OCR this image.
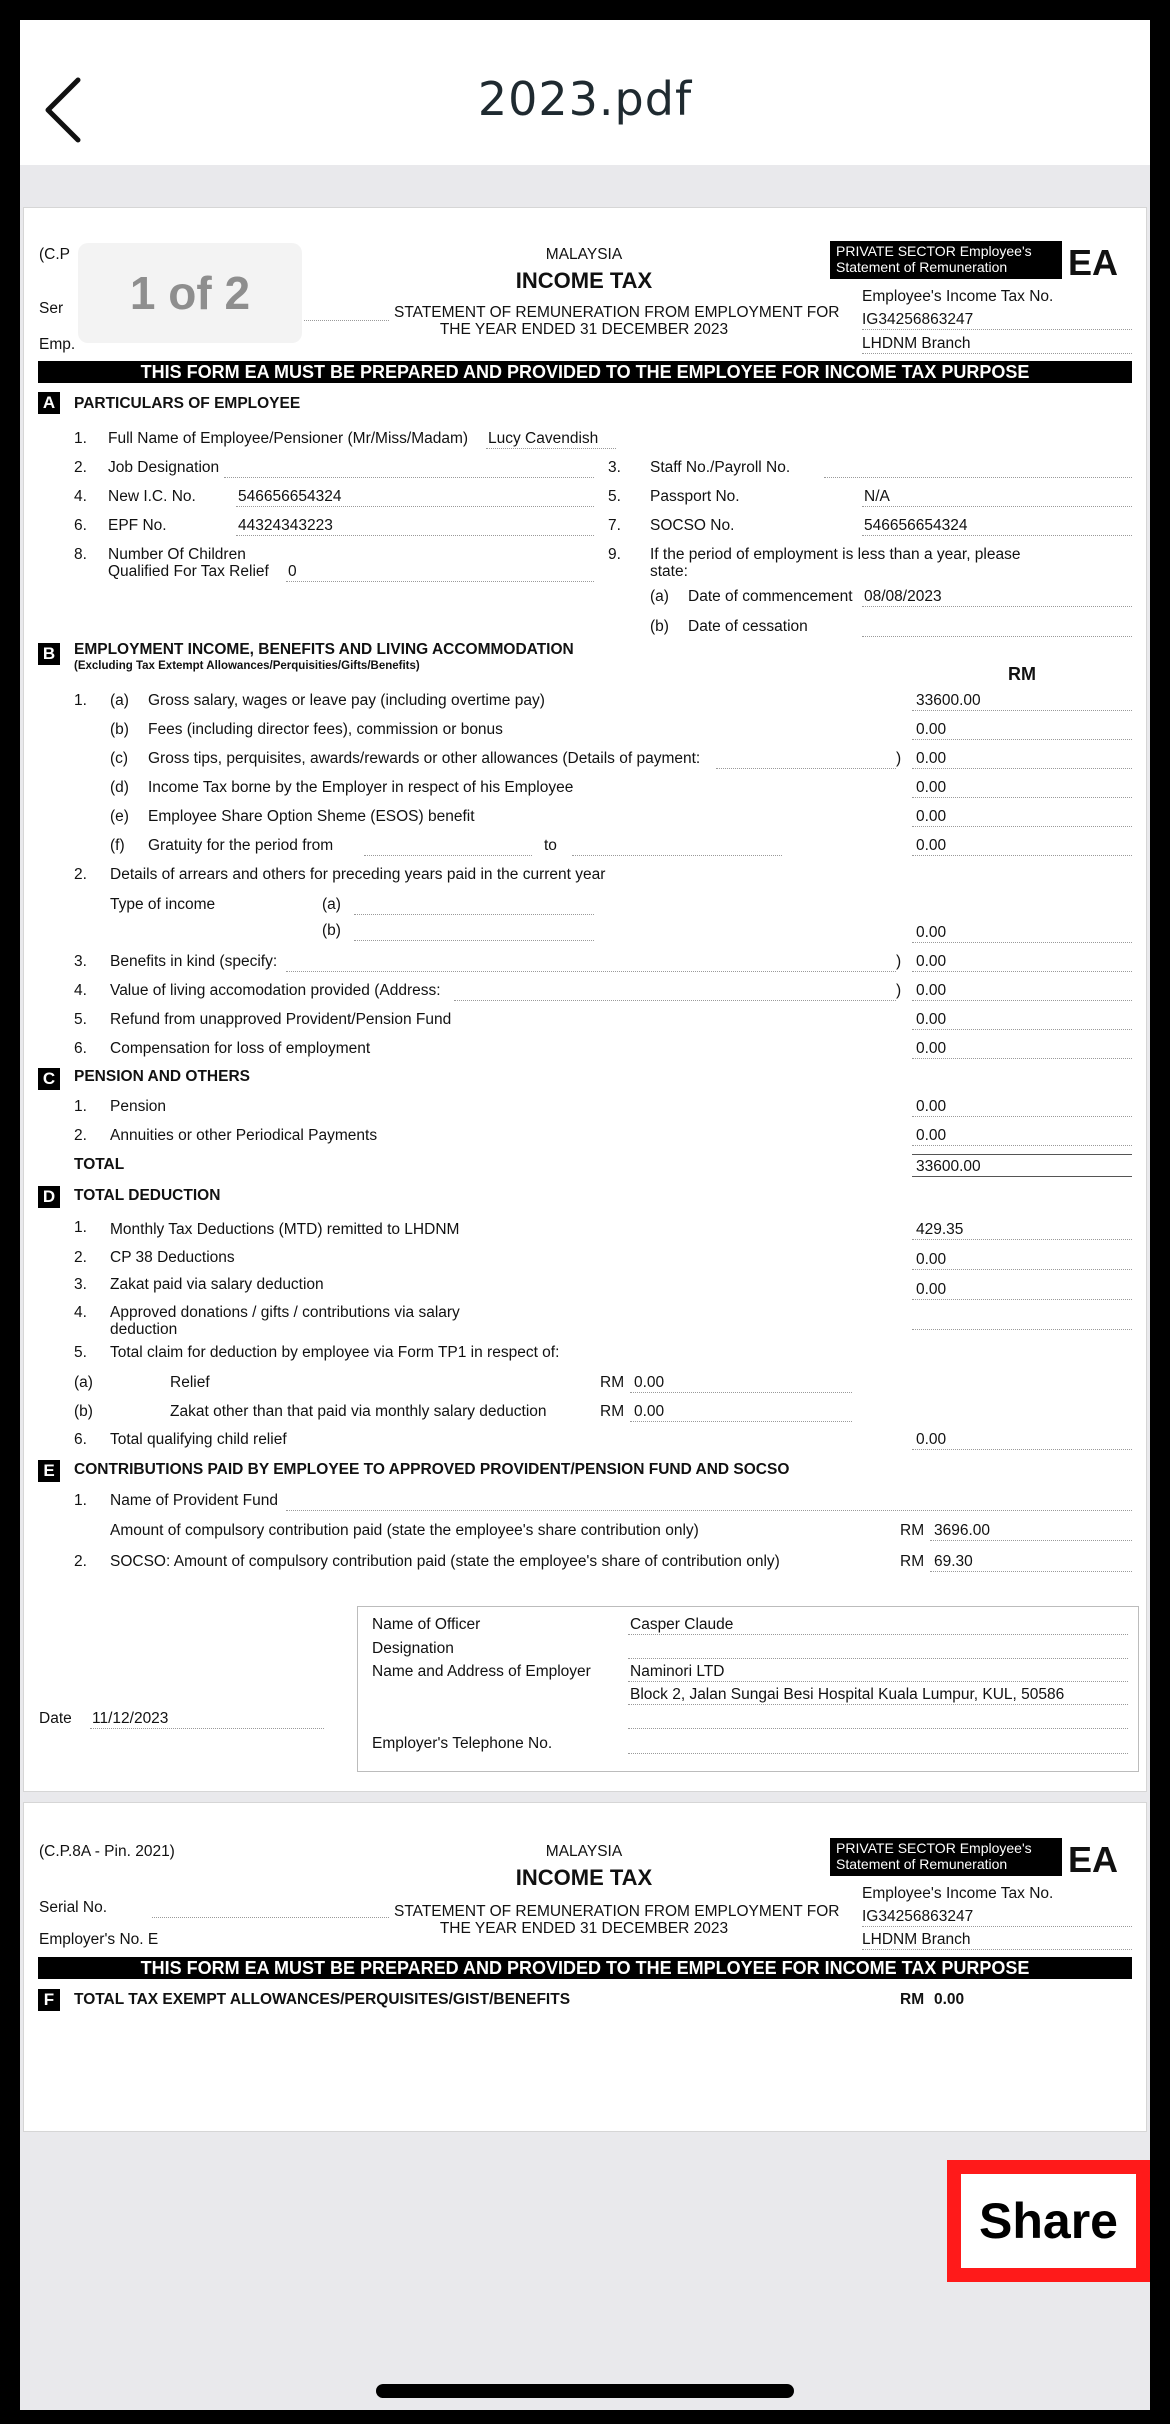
2023.pdf
(C.P
Ser
Emp.
MALAYSIA
INCOME TAX
STATEMENT OF REMUNERATION FROM EMPLOYMENT FOR
THE YEAR ENDED 31 DECEMBER 2023
PRIVATE SECTOR Employee's
Statement of Remuneration	EA
Employee's Income Tax No.
IG34256863247
LHDNM Branch
THIS FORM EA MUST BE PREPARED AND PROVIDED TO THE EMPLOYEE FOR INCOME TAX PURPOSE
A	PARTICULARS OF EMPLOYEE
1. Full Name of Employee/Pensioner (Mr/Miss/Madam) Lucy Cavendish
2. Job Designation	3. Staff No./Payroll No.
4. New I.C. No.	546656654324	5. Passport No.	N/A
6. EPF No.	44324343223	7. SOCSO No.	546656654324
8. Number Of Children
Qualified For Tax Relief 0
9. If the period of employment is less than a year, please
state:
(a) Date of commencement 08/08/2023
(b) Date of cessation
B	EMPLOYMENT INCOME, BENEFITS AND LIVING ACCOMMODATION
(Excluding Tax Extempt Allowances/Perquisities/Gifts/Benefits)	RM
1. (a) Gross salary, wages or leave pay (including overtime pay)	33600.00
(b) Fees (including director fees), commission or bonus	0.00
(c) Gross tips, perquisites, awards/rewards or other allowances (Details of payment:	) 0.00
(d) Income Tax borne by the Employer in respect of his Employee	0.00
(e) Employee Share Option Sheme (ESOS) benefit	0.00
(f) Gratuity for the period from	to	0.00
2. Details of arrears and others for preceding years paid in the current year
Type of income	(a)
(b)	0.00
3. Benefits in kind (specify:	) 0.00
4. Value of living accomodation provided (Address:	) 0.00
5. Refund from unapproved Provident/Pension Fund	0.00
6. Compensation for loss of employment	0.00
C	PENSION AND OTHERS
1. Pension	0.00
2. Annuities or other Periodical Payments	0.00
TOTAL	33600.00
D	TOTAL DEDUCTION
1. Monthly Tax Deductions (MTD) remitted to LHDNM	429.35
2. CP 38 Deductions	0.00
3. Zakat paid via salary deduction	0.00
4. Approved donations / gifts / contributions via salary
deduction
5. Total claim for deduction by employee via Form TP1 in respect of:
(a)	Relief	RM 0.00
(b)	Zakat other than that paid via monthly salary deduction	RM 0.00
6. Total qualifying child relief	0.00
E	CONTRIBUTIONS PAID BY EMPLOYEE TO APPROVED PROVIDENT/PENSION FUND AND SOCSO
1. Name of Provident Fund
Amount of compulsory contribution paid (state the employee's share contribution only)	RM 3696.00
2. SOCSO: Amount of compulsory contribution paid (state the employee's share of contribution only)	RM 69.30
Name of Officer	Casper Claude
Designation
Name and Address of Employer	Naminori LTD
Block 2, Jalan Sungai Besi Hospital Kuala Lumpur, KUL, 50586
Employer's Telephone No.
Date 11/12/2023
(C.P.8A - Pin. 2021)
Serial No.
Employer's No. E
MALAYSIA
INCOME TAX
STATEMENT OF REMUNERATION FROM EMPLOYMENT FOR
THE YEAR ENDED 31 DECEMBER 2023
PRIVATE SECTOR Employee's
Statement of Remuneration	EA
Employee's Income Tax No.
IG34256863247
LHDNM Branch
THIS FORM EA MUST BE PREPARED AND PROVIDED TO THE EMPLOYEE FOR INCOME TAX PURPOSE
F	TOTAL TAX EXEMPT ALLOWANCES/PERQUISITES/GIST/BENEFITS	RM 0.00
1 of 2
Share
